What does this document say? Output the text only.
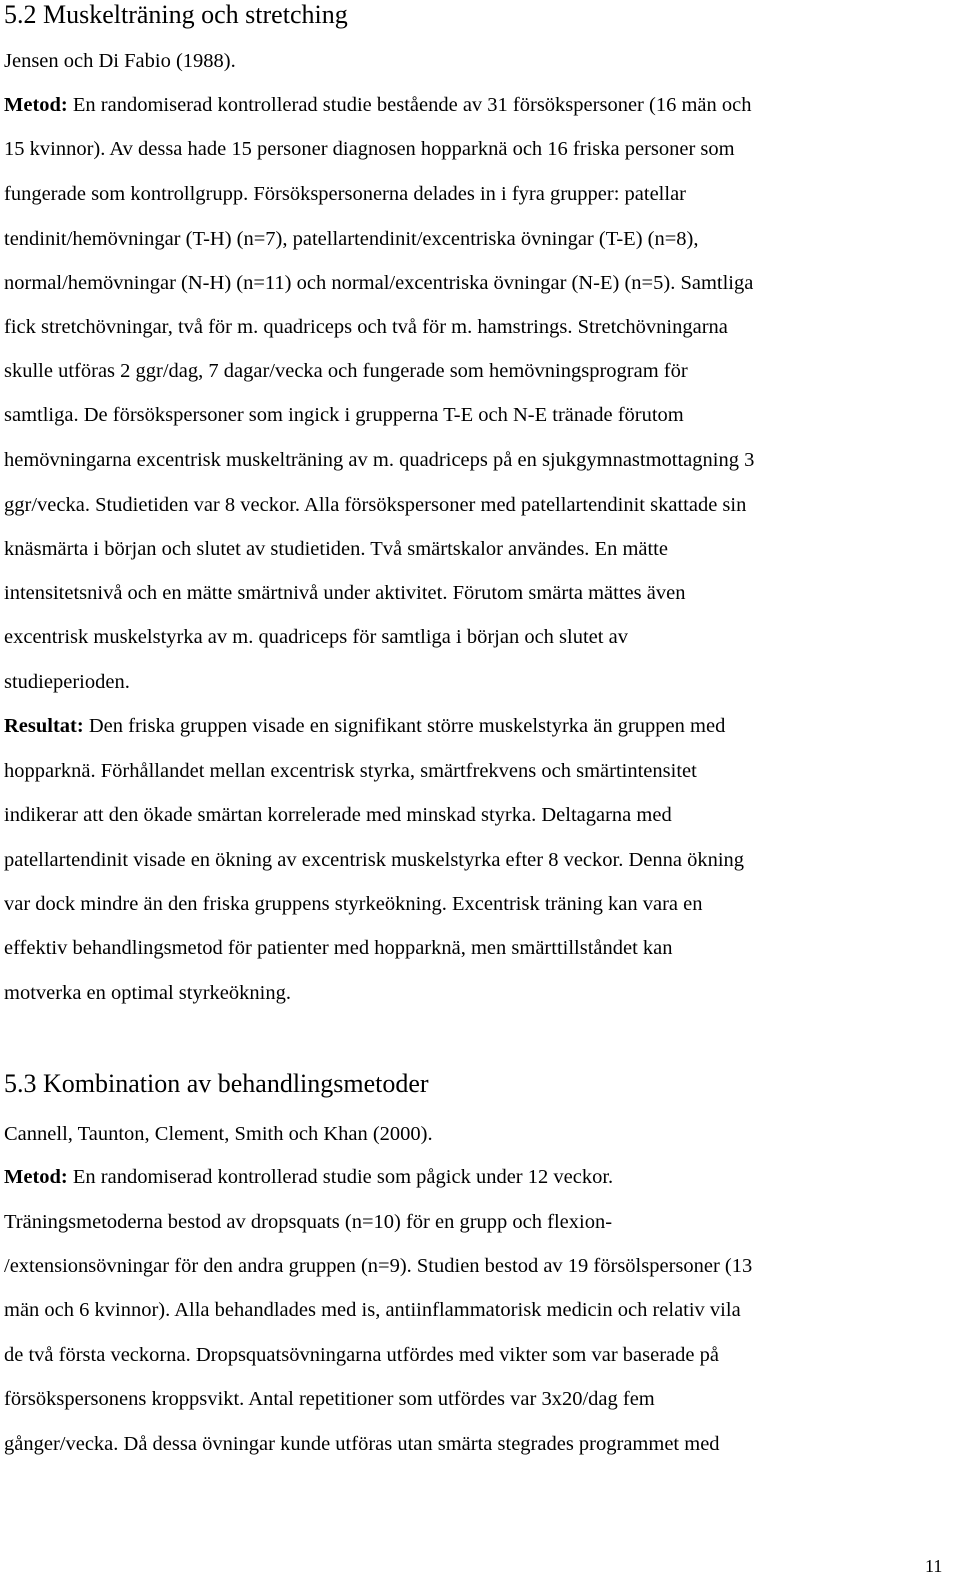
5.2 Muskelträning och stretching

Jensen och Di Fabio (1988).

Metod: En randomiserad kontrollerad studie bestående av 31 försökspersoner (16 män och

15 kvinnor). Av dessa hade 15 personer diagnosen hopparknä och 16 friska personer som

fungerade som kontrollgrupp. Försökspersonerna delades in i fyra grupper: patellar

tendinit/hemövningar (T-H) (n=7), patellartendinit/excentriska övningar (T-E) (n=8),

normal/hemövningar (N-H) (n=11) och normal/excentriska övningar (N-E) (n=5). Samtliga

fick stretchövningar, två för m. quadriceps och två för m. hamstrings. Stretchövningarna

skulle utföras 2 ggr/dag, 7 dagar/vecka och fungerade som hemövningsprogram för

samtliga. De försökspersoner som ingick i grupperna T-E och N-E tränade förutom

hemövningarna excentrisk muskelträning av m. quadriceps på en sjukgymnastmottagning 3

ggr/vecka. Studietiden var 8 veckor. Alla försökspersoner med patellartendinit skattade sin

knäsmärta i början och slutet av studietiden. Två smärtskalor användes. En mätte

intensitetsnivå och en mätte smärtnivå under aktivitet. Förutom smärta mättes även

excentrisk muskelstyrka av m. quadriceps för samtliga i början och slutet av

studieperioden.

Resultat: Den friska gruppen visade en signifikant större muskelstyrka än gruppen med

hopparknä. Förhållandet mellan excentrisk styrka, smärtfrekvens och smärtintensitet

indikerar att den ökade smärtan korrelerade med minskad styrka. Deltagarna med

patellartendinit visade en ökning av excentrisk muskelstyrka efter 8 veckor. Denna ökning

var dock mindre än den friska gruppens styrkeökning. Excentrisk träning kan vara en

effektiv behandlingsmetod för patienter med hopparknä, men smärttillståndet kan

motverka en optimal styrkeökning.

5.3 Kombination av behandlingsmetoder

Cannell, Taunton, Clement, Smith och Khan (2000).

Metod: En randomiserad kontrollerad studie som pågick under 12 veckor.

Träningsmetoderna bestod av dropsquats (n=10) för en grupp och flexion-

/extensionsövningar för den andra gruppen (n=9). Studien bestod av 19 försölspersoner (13

män och 6 kvinnor). Alla behandlades med is, antiinflammatorisk medicin och relativ vila

de två första veckorna. Dropsquatsövningarna utfördes med vikter som var baserade på

försökspersonens kroppsvikt. Antal repetitioner som utfördes var 3x20/dag fem

gånger/vecka. Då dessa övningar kunde utföras utan smärta stegrades programmet med

11
